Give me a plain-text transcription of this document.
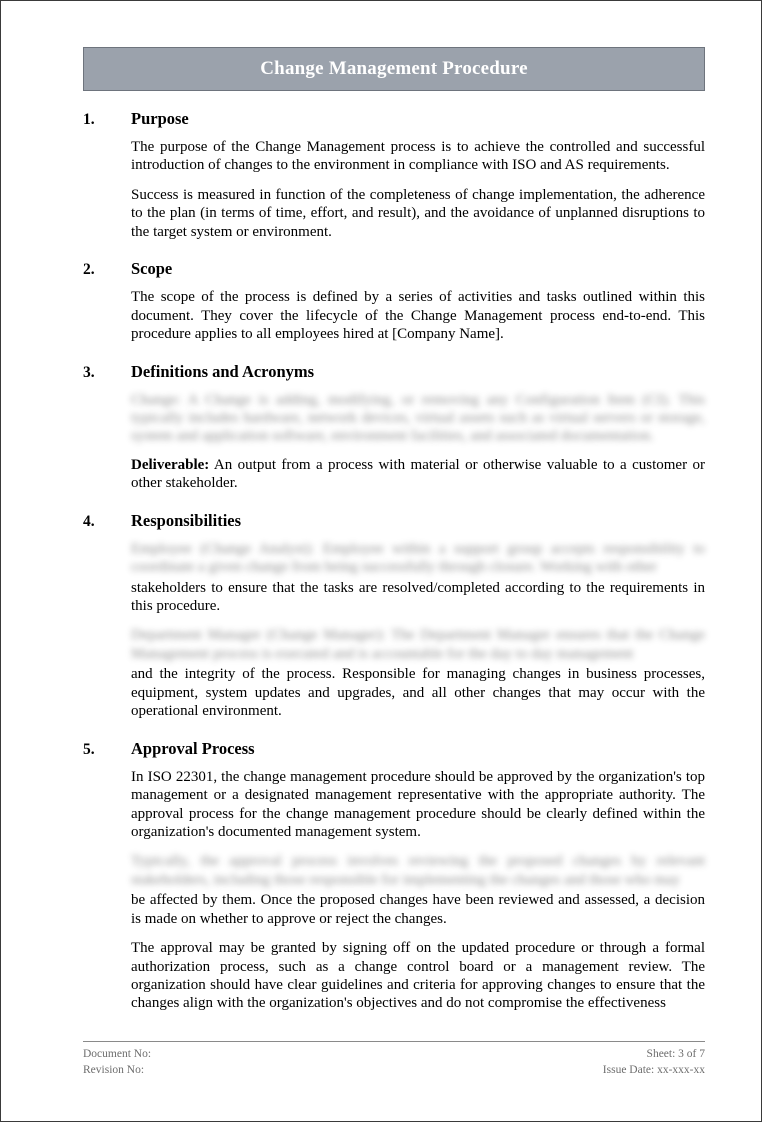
Change Management Procedure
1.	Purpose

The purpose of the Change Management process is to achieve the controlled and successful introduction of changes to the environment in compliance with ISO and AS requirements.

Success is measured in function of the completeness of change implementation, the adherence to the plan (in terms of time, effort, and result), and the avoidance of unplanned disruptions to the target system or environment.

2.	Scope

The scope of the process is defined by a series of activities and tasks outlined within this document. They cover the lifecycle of the Change Management process end-to-end. This procedure applies to all employees hired at [Company Name].

3.	Definitions and Acronyms

Change: A Change is adding, modifying, or removing any Configuration Item (CI). This typically includes hardware, network devices, virtual assets such as virtual servers or storage, system and application software, environment facilities, and associated documentation.

Deliverable: An output from a process with material or otherwise valuable to a customer or other stakeholder.

4.	Responsibilities

Employee (Change Analyst): Employee within a support group accepts responsibility to coordinate a given change from being successfully through closure. Working with other

stakeholders to ensure that the tasks are resolved/completed according to the requirements in this procedure.

Department Manager (Change Manager): The Department Manager ensures that the Change Management process is executed and is accountable for the day to day management

and the integrity of the process. Responsible for managing changes in business processes, equipment, system updates and upgrades, and all other changes that may occur with the operational environment.

5.	Approval Process

In ISO 22301, the change management procedure should be approved by the organization's top management or a designated management representative with the appropriate authority. The approval process for the change management procedure should be clearly defined within the organization's documented management system.

Typically, the approval process involves reviewing the proposed changes by relevant stakeholders, including those responsible for implementing the changes and those who may

be affected by them. Once the proposed changes have been reviewed and assessed, a decision is made on whether to approve or reject the changes.

The approval may be granted by signing off on the updated procedure or through a formal authorization process, such as a change control board or a management review. The organization should have clear guidelines and criteria for approving changes to ensure that the changes align with the organization's objectives and do not compromise the effectiveness

Document No:	Sheet: 3 of 7
Revision No:	Issue Date: xx-xxx-xx
